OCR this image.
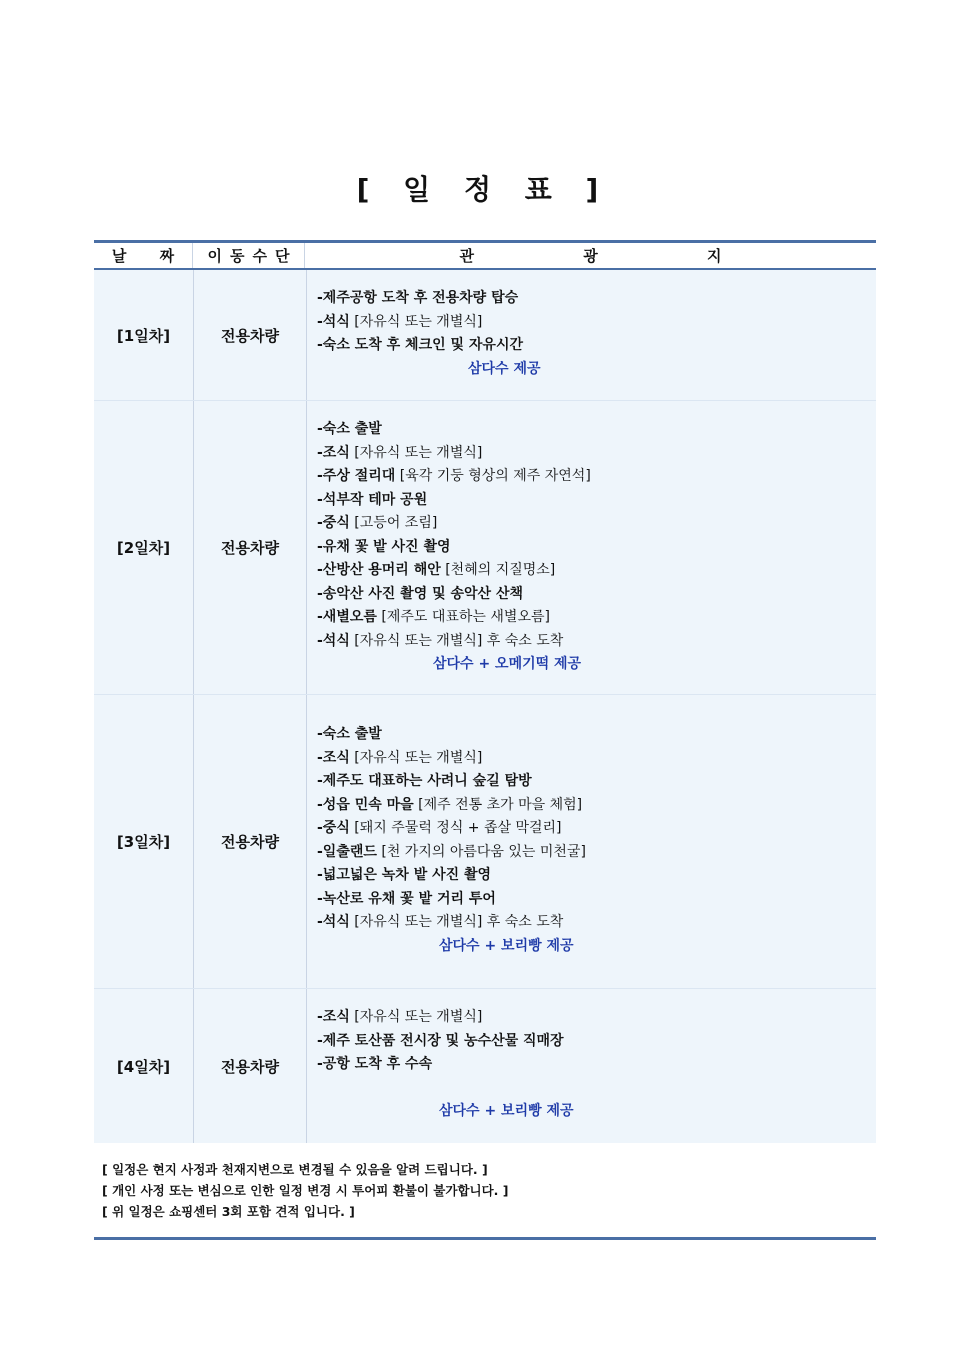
[ 일 정 표 ]
날 짜	이동수단	관 광 지
[1일차]	전용차량
-제주공항 도착 후 전용차량 탑승
-석식 [자유식 또는 개별식]
-숙소 도착 후 체크인 및 자유시간
삼다수 제공
[2일차]	전용차량
-숙소 출발
-조식 [자유식 또는 개별식]
-주상 절리대 [육각 기둥 형상의 제주 자연석]
-석부작 테마 공원
-중식 [고등어 조림]
-유채 꽃 밭 사진 촬영
-산방산 용머리 해안 [천혜의 지질명소]
-송악산 사진 촬영 및 송악산 산책
-새별오름 [제주도 대표하는 새별오름]
-석식 [자유식 또는 개별식] 후 숙소 도착
삼다수 + 오메기떡 제공
[3일차]	전용차량
-숙소 출발
-조식 [자유식 또는 개별식]
-제주도 대표하는 사려니 숲길 탐방
-성읍 민속 마을 [제주 전통 초가 마을 체험]
-중식 [돼지 주물럭 정식 + 좁살 막걸리]
-일출랜드 [천 가지의 아름다움 있는 미천굴]
-넓고넓은 녹차 밭 사진 촬영
-녹산로 유채 꽃 밭 거리 투어
-석식 [자유식 또는 개별식] 후 숙소 도착
삼다수 + 보리빵 제공
[4일차]	전용차량
-조식 [자유식 또는 개별식]
-제주 토산품 전시장 및 농수산물 직매장
-공항 도착 후 수속
삼다수 + 보리빵 제공
[ 일정은 현지 사정과 천재지변으로 변경될 수 있음을 알려 드립니다. ]
[ 개인 사정 또는 변심으로 인한 일정 변경 시 투어피 환불이 불가합니다. ]
[ 위 일정은 쇼핑센터 3회 포함 견적 입니다. ]
